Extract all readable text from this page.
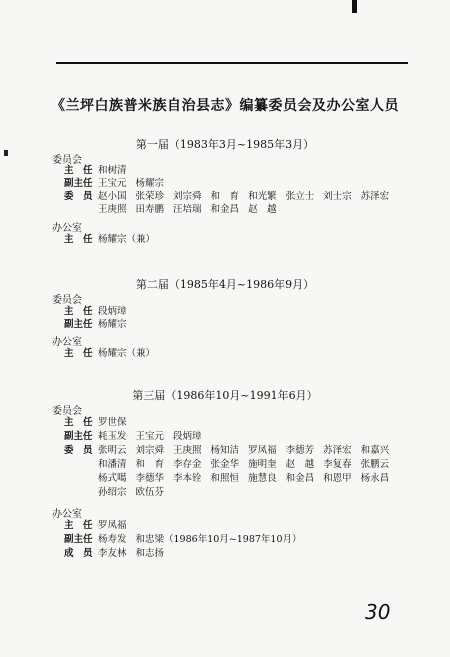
《兰坪白族普米族自治县志》编纂委员会及办公室人员
第一届（1983年3月~1985年3月）
委员会
主　任 和树清
副主任 王宝元 杨耀宗
委　员 赵小国 张荣珍 刘宗舜 和　育 和光繁 张立士 刘士宗 苏泽宏
王庚照 田寿鹏 汪培瑞 和金昌 赵　越
办公室
主　任 杨耀宗（兼）
第二届（1985年4月~1986年9月）
委员会
主　任 段炳璋
副主任 杨耀宗
办公室
主　任 杨耀宗（兼）
第三届（1986年10月~1991年6月）
委员会
主　任 罗世保
副主任 耗玉发 王宝元 段炳璋
委　员 张明云 刘宗舜 王庚照 杨知洁 罗凤福 李德芳 苏泽宏 和嘉兴
和潘清 和　育 李存金 张金华 施明奎 赵　越 李复春 张鹏云
杨式噶 李德华 李本铨 和照恒 施慧良 和金昌 和恩甲 杨永昌
孙绍宗 欧伍芬
办公室
主　任 罗凤福
副主任 杨寿发 和忠梁（1986年10月~1987年10月）
成　员 李友林 和志扬
30
